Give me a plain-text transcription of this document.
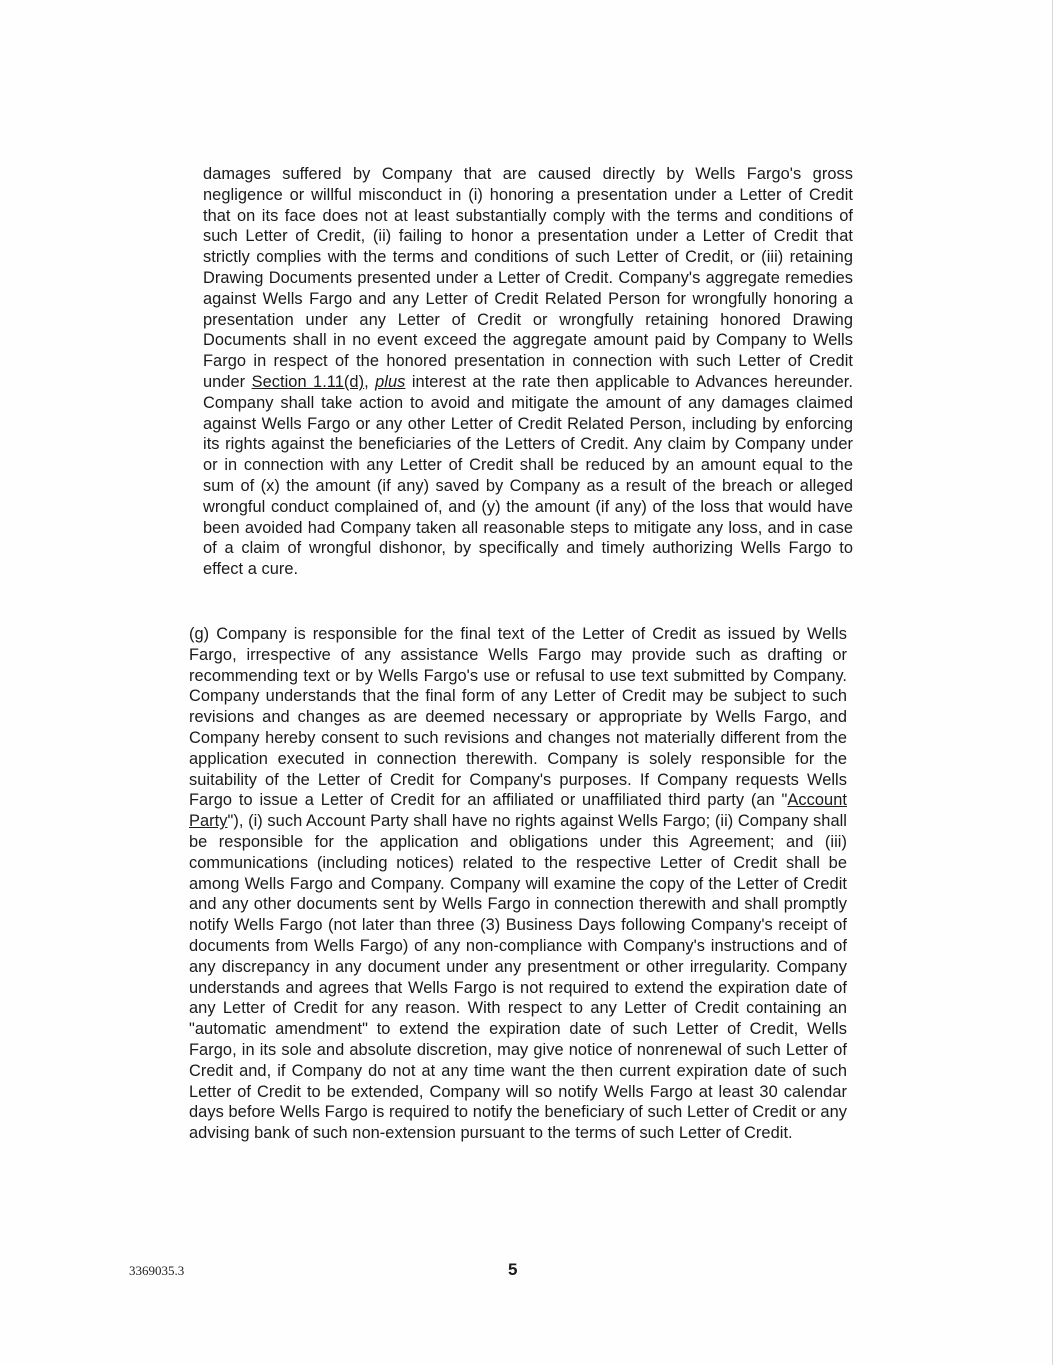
damages suffered by Company that are caused directly by Wells Fargo's gross negligence or willful misconduct in (i) honoring a presentation under a Letter of Credit that on its face does not at least substantially comply with the terms and conditions of such Letter of Credit, (ii) failing to honor a presentation under a Letter of Credit that strictly complies with the terms and conditions of such Letter of Credit, or (iii) retaining Drawing Documents presented under a Letter of Credit. Company's aggregate remedies against Wells Fargo and any Letter of Credit Related Person for wrongfully honoring a presentation under any Letter of Credit or wrongfully retaining honored Drawing Documents shall in no event exceed the aggregate amount paid by Company to Wells Fargo in respect of the honored presentation in connection with such Letter of Credit under Section 1.11(d), plus interest at the rate then applicable to Advances hereunder. Company shall take action to avoid and mitigate the amount of any damages claimed against Wells Fargo or any other Letter of Credit Related Person, including by enforcing its rights against the beneficiaries of the Letters of Credit. Any claim by Company under or in connection with any Letter of Credit shall be reduced by an amount equal to the sum of (x) the amount (if any) saved by Company as a result of the breach or alleged wrongful conduct complained of, and (y) the amount (if any) of the loss that would have been avoided had Company taken all reasonable steps to mitigate any loss, and in case of a claim of wrongful dishonor, by specifically and timely authorizing Wells Fargo to effect a cure.

(g) Company is responsible for the final text of the Letter of Credit as issued by Wells Fargo, irrespective of any assistance Wells Fargo may provide such as drafting or recommending text or by Wells Fargo's use or refusal to use text submitted by Company. Company understands that the final form of any Letter of Credit may be subject to such revisions and changes as are deemed necessary or appropriate by Wells Fargo, and Company hereby consent to such revisions and changes not materially different from the application executed in connection therewith. Company is solely responsible for the suitability of the Letter of Credit for Company's purposes. If Company requests Wells Fargo to issue a Letter of Credit for an affiliated or unaffiliated third party (an "Account Party"), (i) such Account Party shall have no rights against Wells Fargo; (ii) Company shall be responsible for the application and obligations under this Agreement; and (iii) communications (including notices) related to the respective Letter of Credit shall be among Wells Fargo and Company. Company will examine the copy of the Letter of Credit and any other documents sent by Wells Fargo in connection therewith and shall promptly notify Wells Fargo (not later than three (3) Business Days following Company's receipt of documents from Wells Fargo) of any non-compliance with Company's instructions and of any discrepancy in any document under any presentment or other irregularity. Company understands and agrees that Wells Fargo is not required to extend the expiration date of any Letter of Credit for any reason. With respect to any Letter of Credit containing an "automatic amendment" to extend the expiration date of such Letter of Credit, Wells Fargo, in its sole and absolute discretion, may give notice of nonrenewal of such Letter of Credit and, if Company do not at any time want the then current expiration date of such Letter of Credit to be extended, Company will so notify Wells Fargo at least 30 calendar days before Wells Fargo is required to notify the beneficiary of such Letter of Credit or any advising bank of such non-extension pursuant to the terms of such Letter of Credit.

3369035.3	5
